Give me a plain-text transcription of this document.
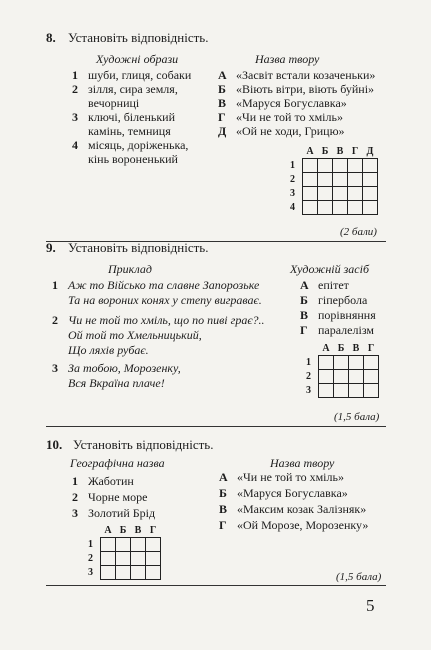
8. Установіть відповідність.
Художні образи	Назва твору
1 шуби, глиця, собаки
2 зілля, сира земля,
вечорниці
3 ключі, біленький
камінь, темниця
4 місяць, доріженька,
кінь вороненький
А «Засвіт встали козаченьки»
Б «Віють вітри, віють буйні»
В «Маруся Богуславка»
Г «Чи не той то хміль»
Д «Ой не ходи, Грицю»
	А	Б	В	Г	Д
1					
2					
3					
4					
(2 бали)
9. Установіть відповідність.
Приклад	Художній засіб
1 Аж то Військо та славне Запорозьке
Та на вороних конях у степу виграває.
2 Чи не той то хміль, що по пиві грає?..
Ой той то Хмельницький,
Що ляхів рубає.
3 За тобою, Морозенку,
Вся Вкраїна плаче!
А епітет
Б гіпербола
В порівняння
Г паралелізм
	А	Б	В	Г
1				
2				
3				
(1,5 бала)
10. Установіть відповідність.
Географічна назва	Назва твору
1 Жаботин
2 Чорне море
3 Золотий Брід
А «Чи не той то хміль»
Б «Маруся Богуславка»
В «Максим козак Залізняк»
Г «Ой Морозе, Морозенку»
	А	Б	В	Г
1				
2				
3					(1,5 бала)
5
